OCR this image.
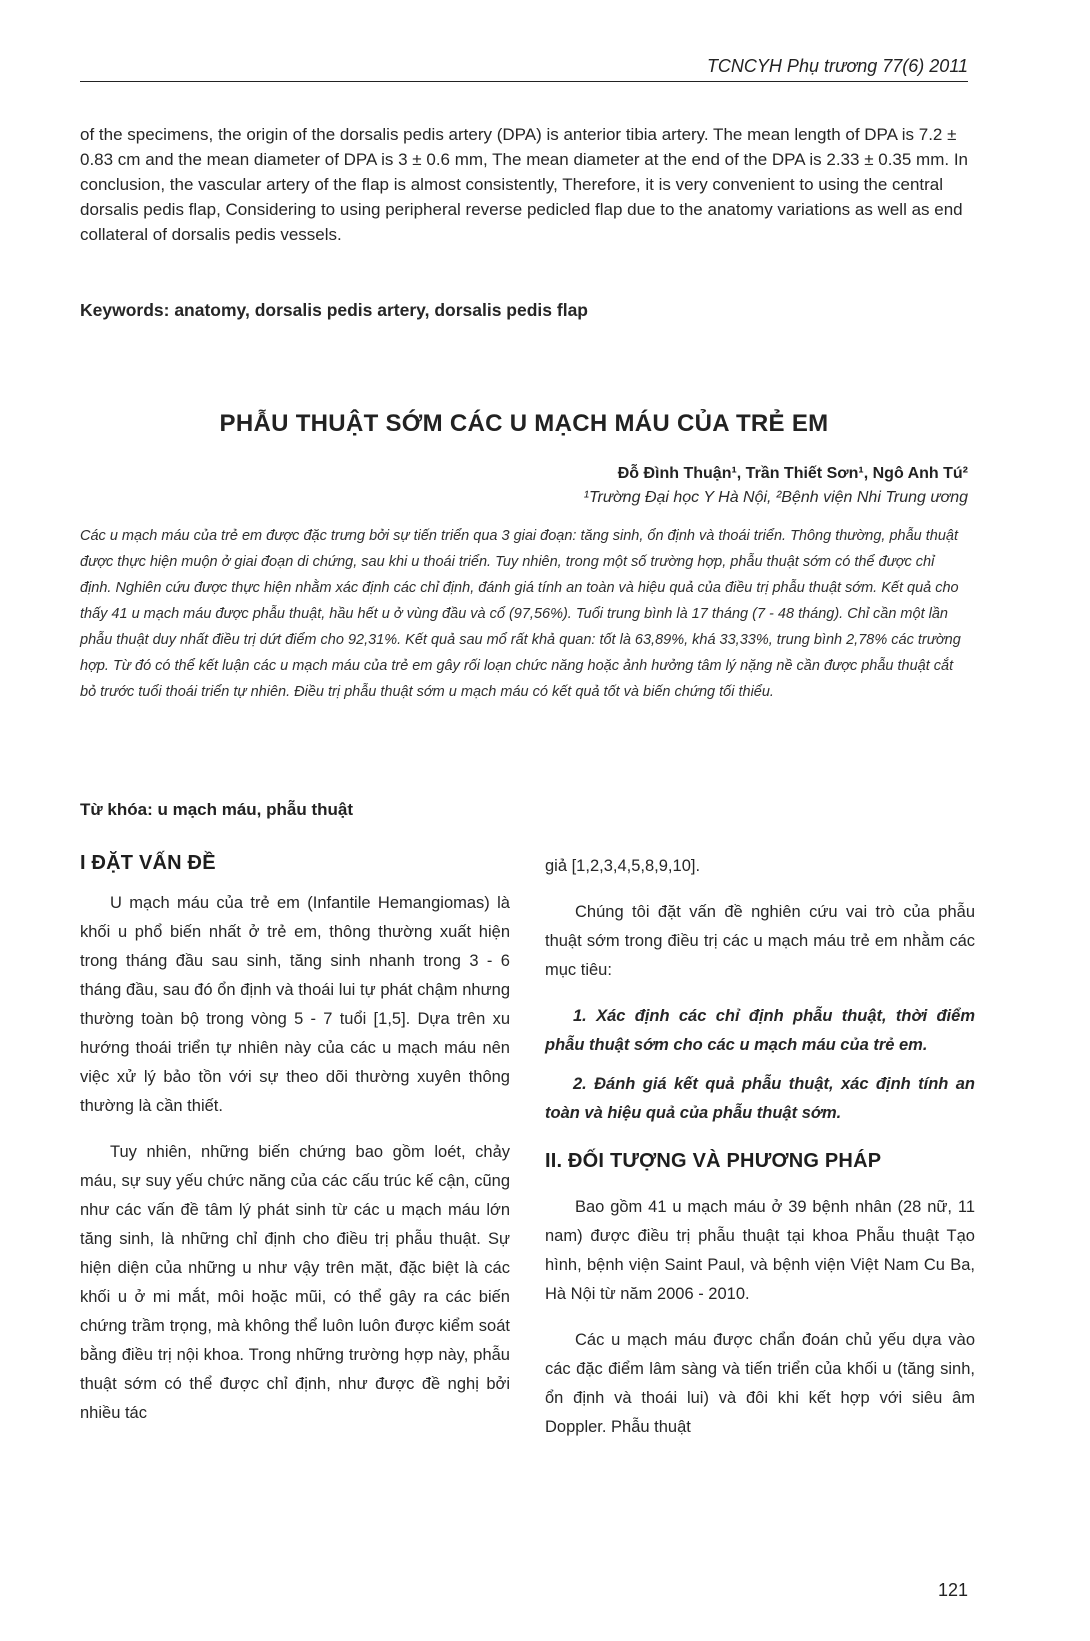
TCNCYH Phụ trương 77(6) 2011

of the specimens, the origin of the dorsalis pedis artery (DPA) is anterior tibia artery. The mean length of DPA is 7.2 ± 0.83 cm and the mean diameter of DPA is 3 ± 0.6 mm, The mean diameter at the end of the DPA is 2.33 ± 0.35 mm. In conclusion, the vascular artery of the flap is almost consistently, Therefore, it is very convenient to using the central dorsalis pedis flap, Considering to using peripheral reverse pedicled flap due to the anatomy variations as well as end collateral of dorsalis pedis vessels.

Keywords: anatomy, dorsalis pedis artery, dorsalis pedis flap

PHẪU THUẬT SỚM CÁC U MẠCH MÁU CỦA TRẺ EM

Đỗ Đình Thuận¹, Trần Thiết Sơn¹, Ngô Anh Tú²

¹Trường Đại học Y Hà Nội, ²Bệnh viện Nhi Trung ương

Các u mạch máu của trẻ em được đặc trưng bởi sự tiến triển qua 3 giai đoạn: tăng sinh, ổn định và thoái triển. Thông thường, phẫu thuật được thực hiện muộn ở giai đoạn di chứng, sau khi u thoái triển. Tuy nhiên, trong một số trường hợp, phẫu thuật sớm có thể được chỉ định. Nghiên cứu được thực hiện nhằm xác định các chỉ định, đánh giá tính an toàn và hiệu quả của điều trị phẫu thuật sớm. Kết quả cho thấy 41 u mạch máu được phẫu thuật, hầu hết u ở vùng đầu và cổ (97,56%). Tuổi trung bình là 17 tháng (7 - 48 tháng). Chỉ cần một lần phẫu thuật duy nhất điều trị dứt điểm cho 92,31%. Kết quả sau mổ rất khả quan: tốt là 63,89%, khá 33,33%, trung bình 2,78% các trường hợp. Từ đó có thể kết luận các u mạch máu của trẻ em gây rối loạn chức năng hoặc ảnh hưởng tâm lý nặng nề cần được phẫu thuật cắt bỏ trước tuổi thoái triển tự nhiên. Điều trị phẫu thuật sớm u mạch máu có kết quả tốt và biến chứng tối thiểu.

Từ khóa: u mạch máu, phẫu thuật

I ĐẶT VẤN ĐỀ

U mạch máu của trẻ em (Infantile Hemangiomas) là khối u phổ biến nhất ở trẻ em, thông thường xuất hiện trong tháng đầu sau sinh, tăng sinh nhanh trong 3 - 6 tháng đầu, sau đó ổn định và thoái lui tự phát chậm nhưng thường toàn bộ trong vòng 5 - 7 tuổi [1,5]. Dựa trên xu hướng thoái triển tự nhiên này của các u mạch máu nên việc xử lý bảo tồn với sự theo dõi thường xuyên thông thường là cần thiết.

Tuy nhiên, những biến chứng bao gồm loét, chảy máu, sự suy yếu chức năng của các cấu trúc kế cận, cũng như các vấn đề tâm lý phát sinh từ các u mạch máu lớn tăng sinh, là những chỉ định cho điều trị phẫu thuật. Sự hiện diện của những u như vậy trên mặt, đặc biệt là các khối u ở mi mắt, môi hoặc mũi, có thể gây ra các biến chứng trầm trọng, mà không thể luôn luôn được kiểm soát bằng điều trị nội khoa. Trong những trường hợp này, phẫu thuật sớm có thể được chỉ định, như được đề nghị bởi nhiều tác

giả [1,2,3,4,5,8,9,10].

Chúng tôi đặt vấn đề nghiên cứu vai trò của phẫu thuật sớm trong điều trị các u mạch máu trẻ em nhằm các mục tiêu:

1. Xác định các chỉ định phẫu thuật, thời điểm phẫu thuật sớm cho các u mạch máu của trẻ em.

2. Đánh giá kết quả phẫu thuật, xác định tính an toàn và hiệu quả của phẫu thuật sớm.

II. ĐỐI TƯỢNG VÀ PHƯƠNG PHÁP

Bao gồm 41 u mạch máu ở 39 bệnh nhân (28 nữ, 11 nam) được điều trị phẫu thuật tại khoa Phẫu thuật Tạo hình, bệnh viện Saint Paul, và bệnh viện Việt Nam Cu Ba, Hà Nội từ năm 2006 - 2010.

Các u mạch máu được chẩn đoán chủ yếu dựa vào các đặc điểm lâm sàng và tiến triển của khối u (tăng sinh, ổn định và thoái lui) và đôi khi kết hợp với siêu âm Doppler. Phẫu thuật

121
